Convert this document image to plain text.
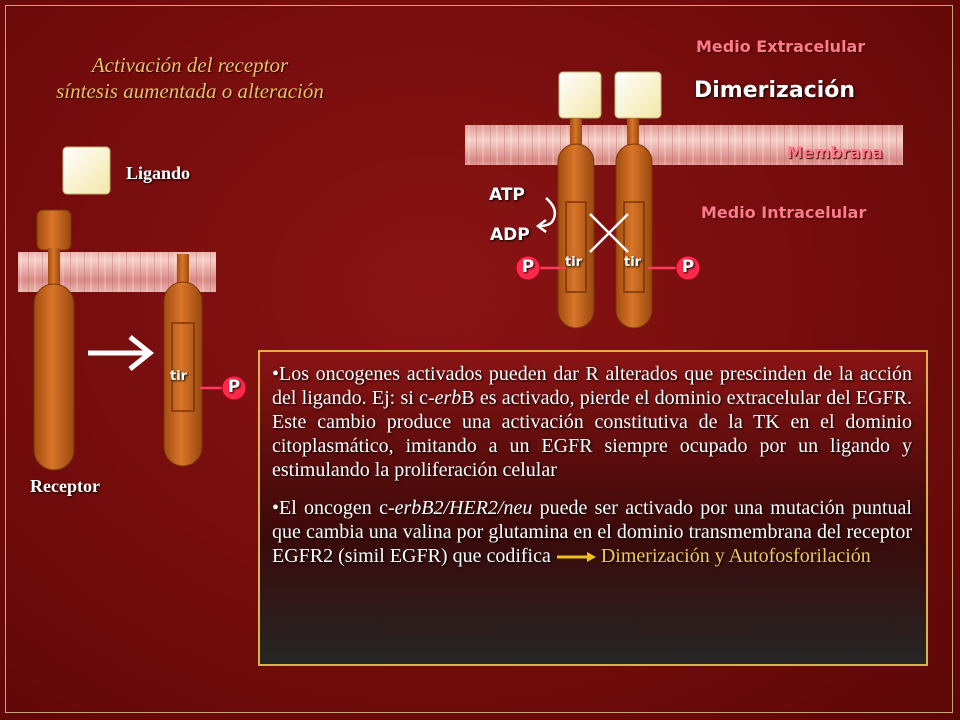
Activación del receptor
síntesis aumentada o alteración
Ligando
Receptor
tir
P
Medio Extracelular
Dimerización
Membrana
Medio Intracelular
ATP
ADP
tir	tir
P	P

•Los oncogenes activados pueden dar R alterados que prescinden de la acción del ligando. Ej: si c-erbB es activado, pierde el dominio extracelular del EGFR. Este cambio produce una activación constitutiva de la TK en el dominio citoplasmático, imitando a un EGFR siempre ocupado por un ligando y estimulando la proliferación celular

•El oncogen c-erbB2/HER2/neu puede ser activado por una mutación puntual que cambia una valina por glutamina en el dominio transmembrana del receptor EGFR2 (simil EGFR) que codifica	Dimerización y Autofosforilación
